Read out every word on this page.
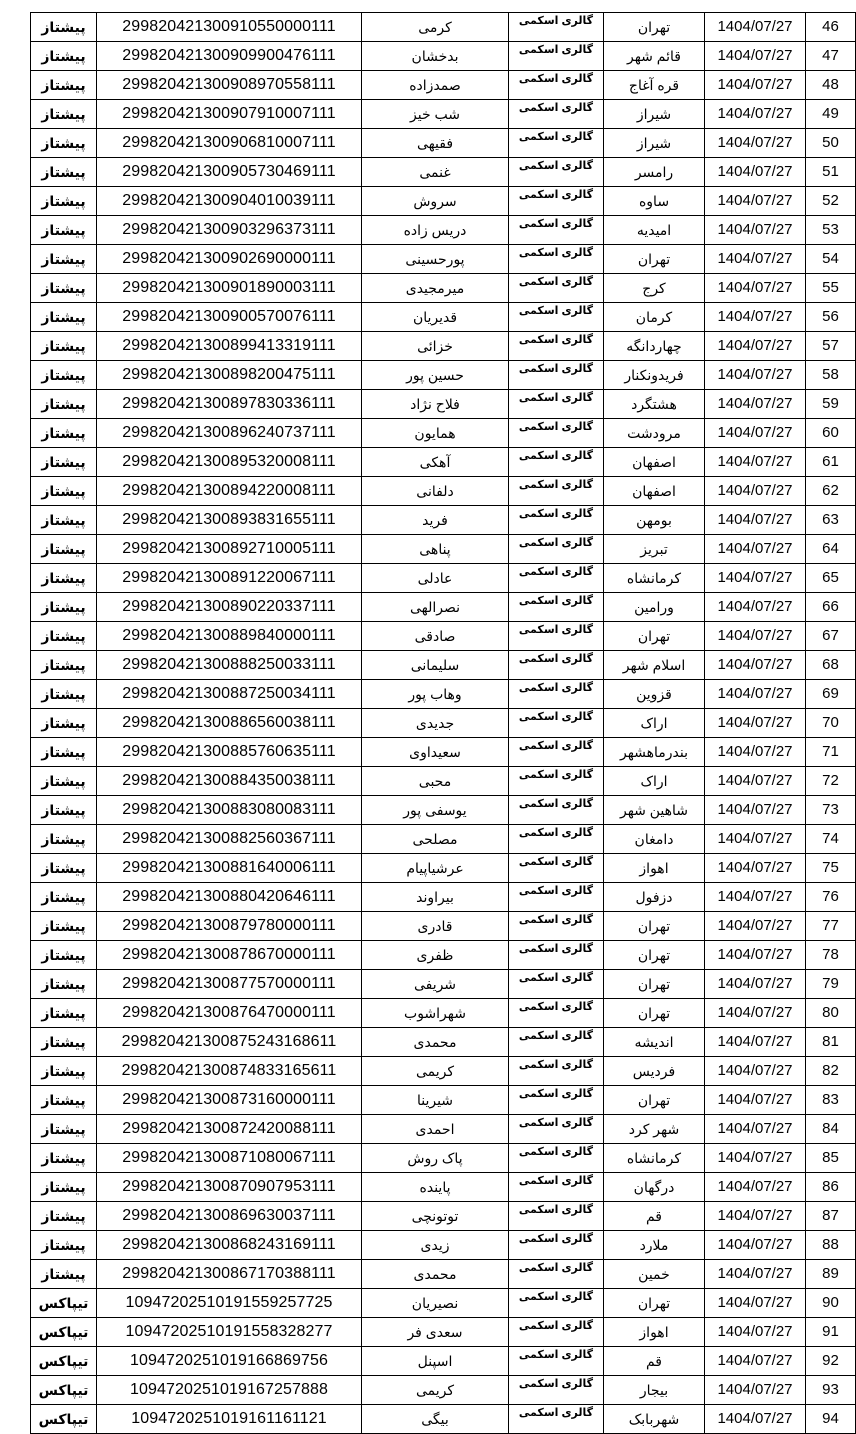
پیشتاز	299820421300910550000111	کرمی	گالری اسکمی	تهران	1404/07/27	46
پیشتاز	299820421300909900476111	بدخشان	گالری اسکمی	قائم شهر	1404/07/27	47
پیشتاز	299820421300908970558111	صمدزاده	گالری اسکمی	قره آغاج	1404/07/27	48
پیشتاز	299820421300907910007111	شب خیز	گالری اسکمی	شیراز	1404/07/27	49
پیشتاز	299820421300906810007111	فقیهی	گالری اسکمی	شیراز	1404/07/27	50
پیشتاز	299820421300905730469111	غنمی	گالری اسکمی	رامسر	1404/07/27	51
پیشتاز	299820421300904010039111	سروش	گالری اسکمی	ساوه	1404/07/27	52
پیشتاز	299820421300903296373111	دریس زاده	گالری اسکمی	امیدیه	1404/07/27	53
پیشتاز	299820421300902690000111	پورحسینی	گالری اسکمی	تهران	1404/07/27	54
پیشتاز	299820421300901890003111	میرمجیدی	گالری اسکمی	کرج	1404/07/27	55
پیشتاز	299820421300900570076111	قدیریان	گالری اسکمی	کرمان	1404/07/27	56
پیشتاز	299820421300899413319111	خزائی	گالری اسکمی	چهاردانگه	1404/07/27	57
پیشتاز	299820421300898200475111	حسین پور	گالری اسکمی	فریدونکنار	1404/07/27	58
پیشتاز	299820421300897830336111	فلاح نژاد	گالری اسکمی	هشتگرد	1404/07/27	59
پیشتاز	299820421300896240737111	همایون	گالری اسکمی	مرودشت	1404/07/27	60
پیشتاز	299820421300895320008111	آهکی	گالری اسکمی	اصفهان	1404/07/27	61
پیشتاز	299820421300894220008111	دلفانی	گالری اسکمی	اصفهان	1404/07/27	62
پیشتاز	299820421300893831655111	فرید	گالری اسکمی	بومهن	1404/07/27	63
پیشتاز	299820421300892710005111	پناهی	گالری اسکمی	تبریز	1404/07/27	64
پیشتاز	299820421300891220067111	عادلی	گالری اسکمی	کرمانشاه	1404/07/27	65
پیشتاز	299820421300890220337111	نصرالهی	گالری اسکمی	ورامین	1404/07/27	66
پیشتاز	299820421300889840000111	صادقی	گالری اسکمی	تهران	1404/07/27	67
پیشتاز	299820421300888250033111	سلیمانی	گالری اسکمی	اسلام شهر	1404/07/27	68
پیشتاز	299820421300887250034111	وهاب پور	گالری اسکمی	قزوین	1404/07/27	69
پیشتاز	299820421300886560038111	جدیدی	گالری اسکمی	اراک	1404/07/27	70
پیشتاز	299820421300885760635111	سعیداوی	گالری اسکمی	بندرماهشهر	1404/07/27	71
پیشتاز	299820421300884350038111	محبی	گالری اسکمی	اراک	1404/07/27	72
پیشتاز	299820421300883080083111	یوسفی پور	گالری اسکمی	شاهین شهر	1404/07/27	73
پیشتاز	299820421300882560367111	مصلحی	گالری اسکمی	دامغان	1404/07/27	74
پیشتاز	299820421300881640006111	عرشیاپیام	گالری اسکمی	اهواز	1404/07/27	75
پیشتاز	299820421300880420646111	بیراوند	گالری اسکمی	دزفول	1404/07/27	76
پیشتاز	299820421300879780000111	قادری	گالری اسکمی	تهران	1404/07/27	77
پیشتاز	299820421300878670000111	ظفری	گالری اسکمی	تهران	1404/07/27	78
پیشتاز	299820421300877570000111	شریفی	گالری اسکمی	تهران	1404/07/27	79
پیشتاز	299820421300876470000111	شهراشوب	گالری اسکمی	تهران	1404/07/27	80
پیشتاز	299820421300875243168611	محمدی	گالری اسکمی	اندیشه	1404/07/27	81
پیشتاز	299820421300874833165611	کریمی	گالری اسکمی	فردیس	1404/07/27	82
پیشتاز	299820421300873160000111	شیرینا	گالری اسکمی	تهران	1404/07/27	83
پیشتاز	299820421300872420088111	احمدی	گالری اسکمی	شهر کرد	1404/07/27	84
پیشتاز	299820421300871080067111	پاک روش	گالری اسکمی	کرمانشاه	1404/07/27	85
پیشتاز	299820421300870907953111	پاینده	گالری اسکمی	درگهان	1404/07/27	86
پیشتاز	299820421300869630037111	توتونچی	گالری اسکمی	قم	1404/07/27	87
پیشتاز	299820421300868243169111	زیدی	گالری اسکمی	ملارد	1404/07/27	88
پیشتاز	299820421300867170388111	محمدی	گالری اسکمی	خمین	1404/07/27	89
تیپاکس	10947202510191559257725	نصیریان	گالری اسکمی	تهران	1404/07/27	90
تیپاکس	10947202510191558328277	سعدی فر	گالری اسکمی	اهواز	1404/07/27	91
تیپاکس	1094720251019166869756	اسپنل	گالری اسکمی	قم	1404/07/27	92
تیپاکس	1094720251019167257888	کریمی	گالری اسکمی	بیجار	1404/07/27	93
تیپاکس	1094720251019161161121	بیگی	گالری اسکمی	شهربابک	1404/07/27	94
